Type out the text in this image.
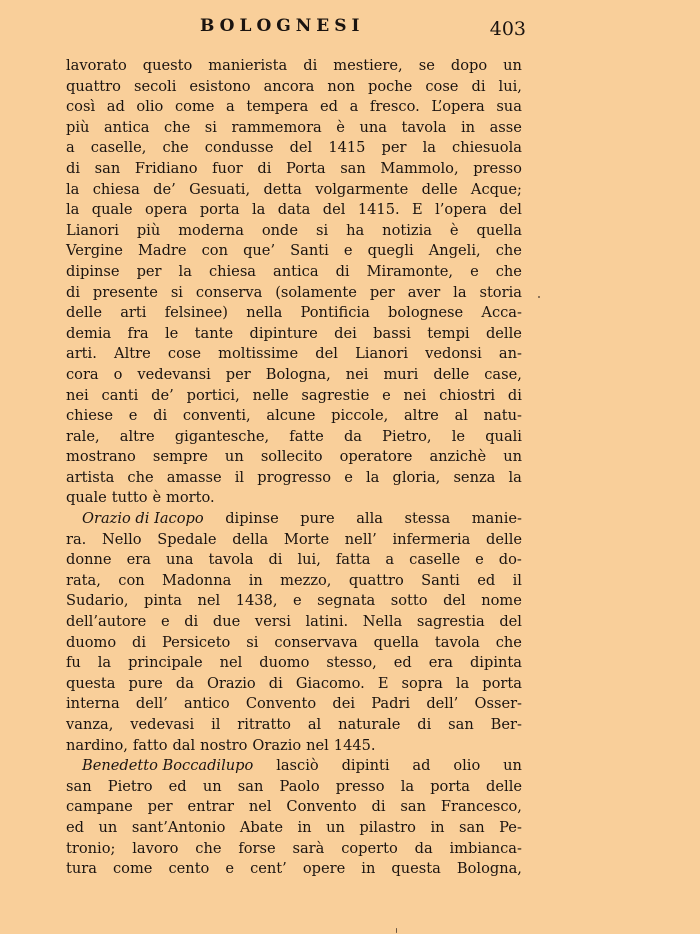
BOLOGNESI	403
lavorato questo manierista di mestiere, se dopo un
quattro secoli esistono ancora non poche cose di lui,
così ad olio come a tempera ed a fresco. L’opera sua
più antica che si rammemora è una tavola in asse
a caselle, che condusse del 1415 per la chiesuola
di san Fridiano fuor di Porta san Mammolo, presso
la chiesa de’ Gesuati, detta volgarmente delle Acque;
la quale opera porta la data del 1415. E l’opera del
Lianori più moderna onde si ha notizia è quella
Vergine Madre con que’ Santi e quegli Angeli, che
dipinse per la chiesa antica di Miramonte, e che
di presente si conserva (solamente per aver la storia
delle arti felsinee) nella Pontificia bolognese Acca-
demia fra le tante dipinture dei bassi tempi delle
arti. Altre cose moltissime del Lianori vedonsi an-
cora o vedevansi per Bologna, nei muri delle case,
nei canti de’ portici, nelle sagrestie e nei chiostri di
chiese e di conventi, alcune piccole, altre al natu-
rale, altre gigantesche, fatte da Pietro, le quali
mostrano sempre un sollecito operatore anzichè un
artista che amasse il progresso e la gloria, senza la
quale tutto è morto.
Orazio di Iacopo dipinse pure alla stessa manie-
ra. Nello Spedale della Morte nell’ infermeria delle
donne era una tavola di lui, fatta a caselle e do-
rata, con Madonna in mezzo, quattro Santi ed il
Sudario, pinta nel 1438, e segnata sotto del nome
dell’autore e di due versi latini. Nella sagrestia del
duomo di Persiceto si conservava quella tavola che
fu la principale nel duomo stesso, ed era dipinta
questa pure da Orazio di Giacomo. E sopra la porta
interna dell’ antico Convento dei Padri dell’ Osser-
vanza, vedevasi il ritratto al naturale di san Ber-
nardino, fatto dal nostro Orazio nel 1445.
Benedetto Boccadilupo lasciò dipinti ad olio un
san Pietro ed un san Paolo presso la porta delle
campane per entrar nel Convento di san Francesco,
ed un sant’Antonio Abate in un pilastro in san Pe-
tronio; lavoro che forse sarà coperto da imbianca-
tura come cento e cent’ opere in questa Bologna,
